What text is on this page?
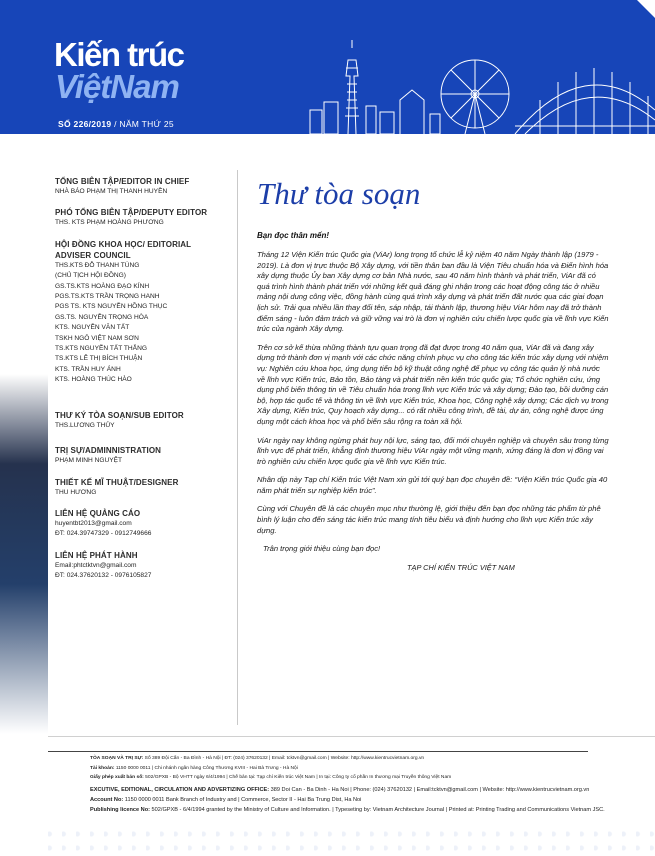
Kiến trúc
ViệtNam
SỐ 226/2019 / NĂM THỨ 25
TỔNG BIÊN TẬP/EDITOR IN CHIEF
NHÀ BÁO PHẠM THỊ THANH HUYỀN
PHÓ TỔNG BIÊN TẬP/DEPUTY EDITOR
THS. KTS PHẠM HOÀNG PHƯƠNG
HỘI ĐỒNG KHOA HỌC/ EDITORIAL ADVISER COUNCIL
THS.KTS ĐỖ THANH TÙNG
(CHỦ TỊCH HỘI ĐỒNG)
GS.TS.KTS HOÀNG ĐẠO KÍNH
PGS.TS.KTS TRẦN TRỌNG HANH
PGS TS. KTS NGUYỄN HỒNG THỤC
GS.TS. NGUYỄN TRỌNG HÒA
KTS. NGUYỄN VĂN TẤT
TSKH NGÔ VIỆT NAM SƠN
TS.KTS NGUYỄN TẤT THẮNG
TS.KTS LÊ THỊ BÍCH THUẬN
KTS. TRẦN HUY ÁNH
KTS. HOÀNG THÚC HÀO
THƯ KÝ TÒA SOẠN/SUB EDITOR
THS.LƯƠNG THỦY
TRỊ SỰ/ADMINNISTRATION
PHẠM MINH NGUYỆT
THIẾT KẾ MĨ THUẬT/DESIGNER
THU HƯƠNG
LIÊN HỆ QUẢNG CÁO
huyentbt2013@gmail.com
ĐT: 024.39747329 - 0912749666
LIÊN HỆ PHÁT HÀNH
Email:phtctktvn@gmail.com
ĐT: 024.37620132 - 0976105827
Thư tòa soạn
Bạn đọc thân mến!

Tháng 12 Viện Kiến trúc Quốc gia (ViAr) long trọng tổ chức lễ kỷ niệm 40 năm Ngày thành lập (1979 - 2019). Là đơn vị trực thuộc Bộ Xây dựng, với tiền thân ban đầu là Viện Tiêu chuẩn hóa và Điển hình hóa xây dựng thuộc Ủy ban Xây dựng cơ bản Nhà nước, sau 40 năm hình thành và phát triển, ViAr đã có quá trình hình thành phát triển với những kết quả đáng ghi nhận trong các hoạt động công tác ở nhiều mảng nội dung công việc, đồng hành cùng quá trình xây dựng và phát triển đất nước qua các giai đoạn lịch sử. Trải qua nhiều lần thay đổi tên, sáp nhập, tái thành lập, thương hiệu ViAr hôm nay đã trở thành điểm sáng - luôn đảm trách và giữ vững vai trò là đơn vị nghiên cứu chiến lược quốc gia về lĩnh vực Kiến trúc của ngành Xây dựng.

Trên cơ sở kế thừa những thành tựu quan trọng đã đạt được trong 40 năm qua, ViAr đã và đang xây dựng trở thành đơn vị mạnh với các chức năng chính phục vụ cho công tác kiến trúc xây dựng với nhiệm vụ: Nghiên cứu khoa học, ứng dụng tiến bộ kỹ thuật công nghệ để phục vụ công tác quản lý nhà nước về lĩnh vực Kiến trúc, Bảo tồn, Bảo tàng và phát triển nền kiến trúc quốc gia; Tổ chức nghiên cứu, ứng dụng phổ biến thông tin về Tiêu chuẩn hóa trong lĩnh vực Kiến trúc và xây dựng; Đào tạo, bồi dưỡng cán bộ, hợp tác quốc tế và thông tin về lĩnh vực Kiến trúc, Khoa học, Công nghệ xây dựng; Các dịch vụ trong Xây dựng, Kiến trúc, Quy hoạch xây dựng... có rất nhiều công trình, đề tài, dự án, công nghệ được ứng dụng một cách khoa học và phổ biến sâu rộng ra toàn xã hội.

ViAr ngày nay không ngừng phát huy nội lực, sáng tạo, đổi mới chuyên nghiệp và chuyên sâu trong từng lĩnh vực để phát triển, khẳng định thương hiệu ViAr ngày một vững mạnh, xứng đáng là đơn vị đồng vai trò nghiên cứu chiến lược quốc gia về lĩnh vực Kiến trúc.

Nhân dịp này Tạp chí Kiến trúc Việt Nam xin gửi tới quý bạn đọc chuyên đề: “Viện Kiến trúc Quốc gia 40 năm phát triển sự nghiệp kiến trúc”.

Cùng với Chuyên đề là các chuyên mục như thường lệ, giới thiệu đến bạn đọc những tác phẩm từ phê bình lý luận cho đến sáng tác kiến trúc mang tính tiêu biểu và định hướng cho lĩnh vực Kiến trúc xây dựng.

Trân trọng giới thiệu cùng bạn đọc!
TẠP CHÍ KIẾN TRÚC VIỆT NAM
TÒA SOẠN VÀ TRỊ SỰ: Số 389 Đội Cấn - Ba Đình - Hà Nội | ĐT: (024) 37620132 | Email: tcktvn@gmail.com | Website: http://www.kientrucvietnam.org.vn
Tài khoản: 1150 0000 0011 | Chi nhánh ngân hàng Công Thương KVIII - Hai Bà Trưng - Hà Nội
Giấy phép xuất bản số: 502/GPXB - Bộ VHTT ngày 6/4/1994 | Chế bản tại: Tạp chí Kiến trúc Việt Nam | In tại: Công ty cổ phần In thương mại Truyền thông Việt Nam
EXCUTIVE, EDITIONAL, CIRCULATION AND ADVERTIZING OFFICE: 389 Doi Can - Ba Dinh - Ha Noi | Phone: (024) 37620132 | Email:tcktvn@gmail.com | Website: http://www.kientrucvietnam.org.vn
Account No: 1150 0000 0011 Bank Branch of Industry and | Commerce, Sector II - Hai Ba Trung Dist, Ha Noi
Publishing licence No: 502/GPXB - 6/4/1994 granted by the Ministry of Culture and Information. | Typeseting by: Vietnam Architecture Journal | Printed at: Printing Trading and Communications Vietnam JSC.
